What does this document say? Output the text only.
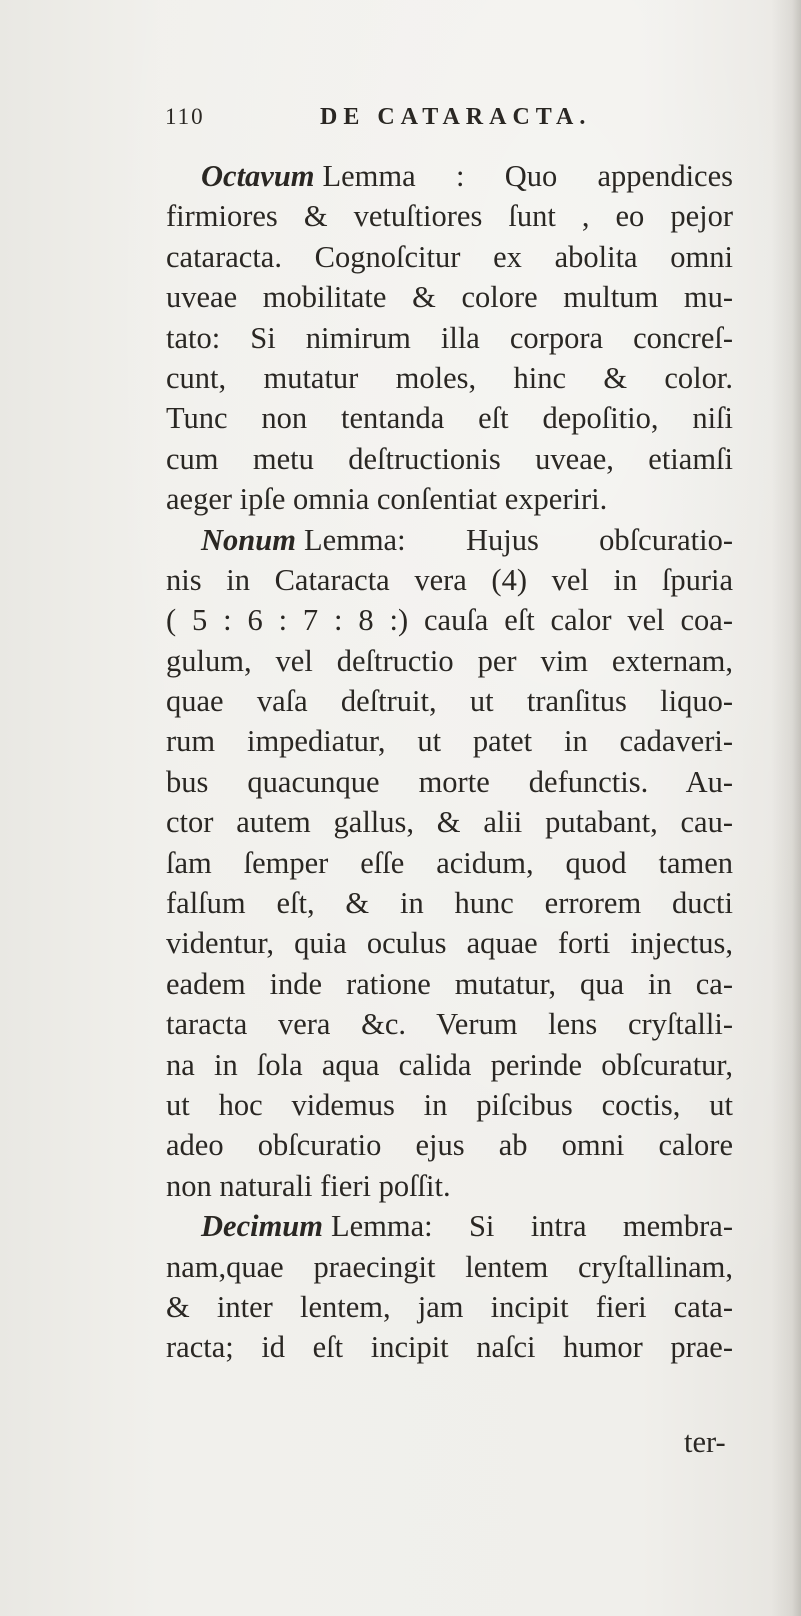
110	DE CATARACTA.
Octavum Lemma : Quo appendices
firmiores & vetuſtiores ſunt , eo pejor
cataracta. Cognoſcitur ex abolita omni
uveae mobilitate & colore multum mu-
tato: Si nimirum illa corpora concreſ-
cunt, mutatur moles, hinc & color.
Tunc non tentanda eſt depoſitio, niſi
cum metu deſtructionis uveae, etiamſi
aeger ipſe omnia conſentiat experiri.
Nonum Lemma: Hujus obſcuratio-
nis in Cataracta vera (4) vel in ſpuria
( 5 : 6 : 7 : 8 :) cauſa eſt calor vel coa-
gulum, vel deſtructio per vim externam,
quae vaſa deſtruit, ut tranſitus liquo-
rum impediatur, ut patet in cadaveri-
bus quacunque morte defunctis. Au-
ctor autem gallus, & alii putabant, cau-
ſam ſemper eſſe acidum, quod tamen
falſum eſt, & in hunc errorem ducti
videntur, quia oculus aquae forti injectus,
eadem inde ratione mutatur, qua in ca-
taracta vera &c. Verum lens cryſtalli-
na in ſola aqua calida perinde obſcuratur,
ut hoc videmus in piſcibus coctis, ut
adeo obſcuratio ejus ab omni calore
non naturali fieri poſſit.
Decimum Lemma: Si intra membra-
nam,quae praecingit lentem cryſtallinam,
& inter lentem, jam incipit fieri cata-
racta; id eſt incipit naſci humor prae-
ter-
